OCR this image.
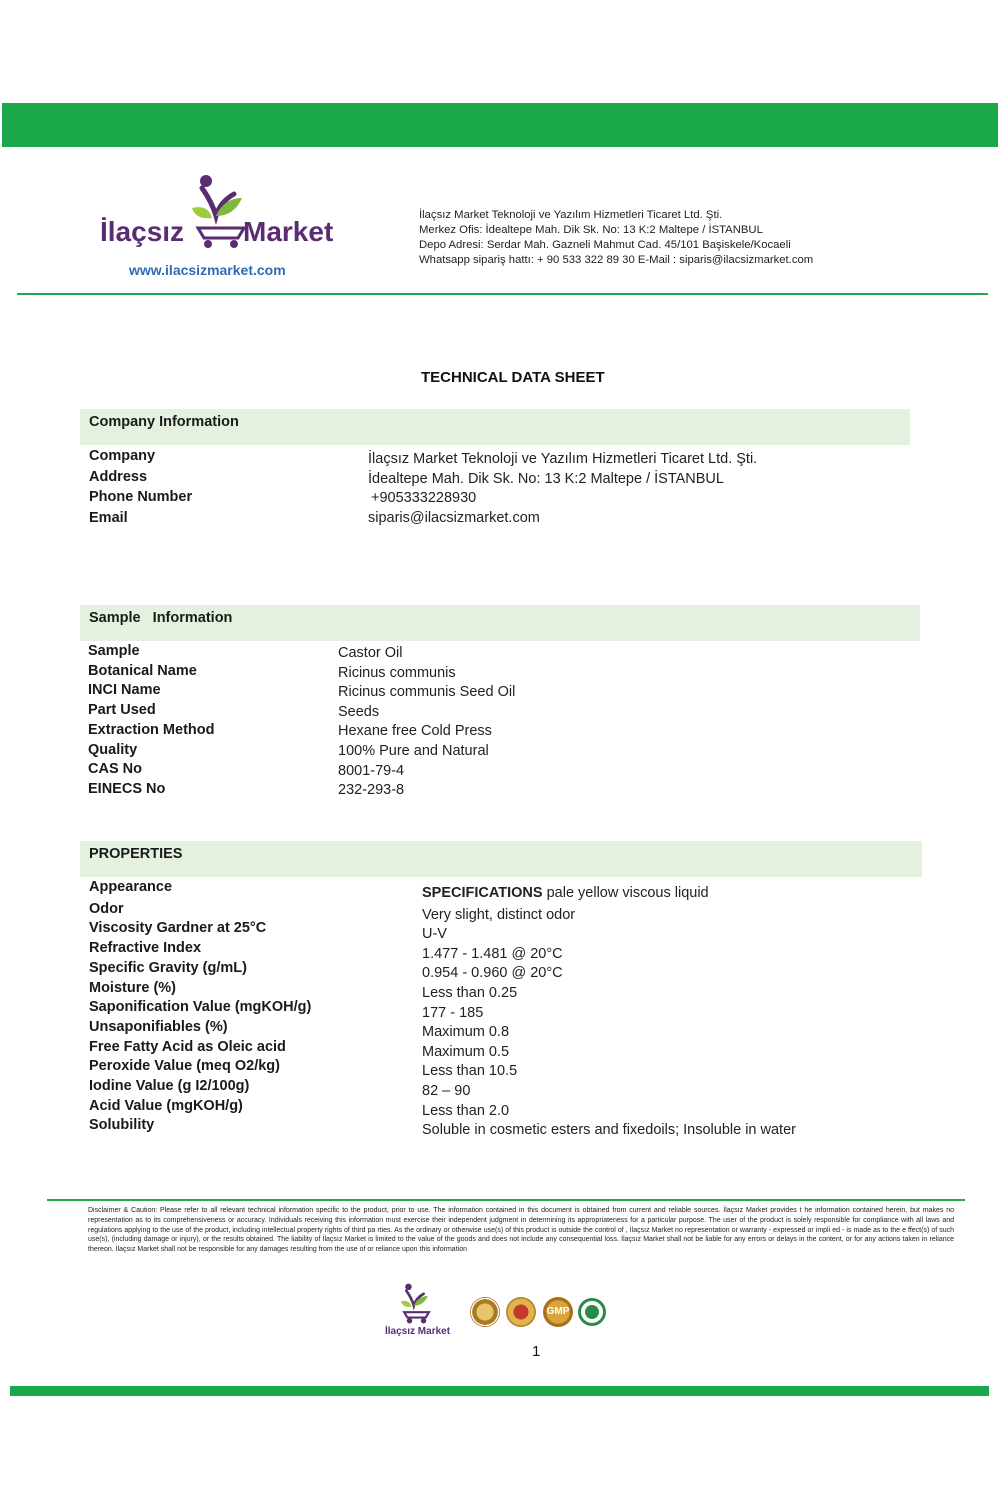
İlaçsız Market
www.ilacsizmarket.com
İlaçsız Market Teknoloji ve Yazılım Hizmetleri Ticaret Ltd. Şti.
Merkez Ofis: İdealtepe Mah. Dik Sk. No: 13 K:2 Maltepe / İSTANBUL
Depo Adresi: Serdar Mah. Gazneli Mahmut Cad. 45/101 Başiskele/Kocaeli
Whatsapp sipariş hattı: + 90 533 322 89 30 E-Mail : siparis@ilacsizmarket.com
TECHNICAL DATA SHEET
Company Information
Company
Address
Phone Number
Email
İlaçsız Market Teknoloji ve Yazılım Hizmetleri Ticaret Ltd. Şti.
İdealtepe Mah. Dik Sk. No: 13 K:2 Maltepe / İSTANBUL
+905333228930
siparis@ilacsizmarket.com
Sample   Information
Sample
Botanical Name
INCI Name
Part Used
Extraction Method
Quality
CAS No
EINECS No
Castor Oil
Ricinus communis
Ricinus communis Seed Oil
Seeds
Hexane free Cold Press
100% Pure and Natural
8001-79-4
232-293-8
PROPERTIES
Appearance
Odor
Viscosity Gardner at 25°C
Refractive Index
Specific Gravity (g/mL)
Moisture (%)
Saponification Value (mgKOH/g)
Unsaponifiables (%)
Free Fatty Acid as Oleic acid
Peroxide Value (meq O2/kg)
Iodine Value (g I2/100g)
Acid Value (mgKOH/g)
Solubility
SPECIFICATIONS pale yellow viscous liquid
Very slight, distinct odor
U-V
1.477 - 1.481 @ 20°C
0.954 - 0.960 @ 20°C
Less than 0.25
177 - 185
Maximum 0.8
Maximum 0.5
Less than 10.5
82 – 90
Less than 2.0
Soluble in cosmetic esters and fixedoils; Insoluble in water
Disclaimer & Caution: Please refer to all relevant technical information specific to the product, prior to use. The information contained in this document is obtained from current and reliable sources. İlaçsız Market provides t he information contained herein, but makes no representation as to its comprehensiveness or accuracy. Individuals receiving this information must exercise their independent judgment in determining its appropriateness for a particular purpose. The user of the product is solely responsible for compliance with all laws and regulations applying to the use of the product, including intellectual property rights of third pa rties. As the ordinary or otherwise use(s) of this product is outside the control of , İlaçsız Market no representation or warranty - expressed or impli ed - is made as to the e ffect(s) of such use(s), (including damage or injury), or the results obtained. The liability of İlaçsız Market is limited to the value of the goods and does not include any consequential loss. İlaçsız Market shall not be liable for any errors or delays in the content, or for any actions taken in reliance thereon. İlaçsız Market shall not be responsible for any damages resulting from the use of or reliance upon this information
İlaçsız Market
GMP
1
